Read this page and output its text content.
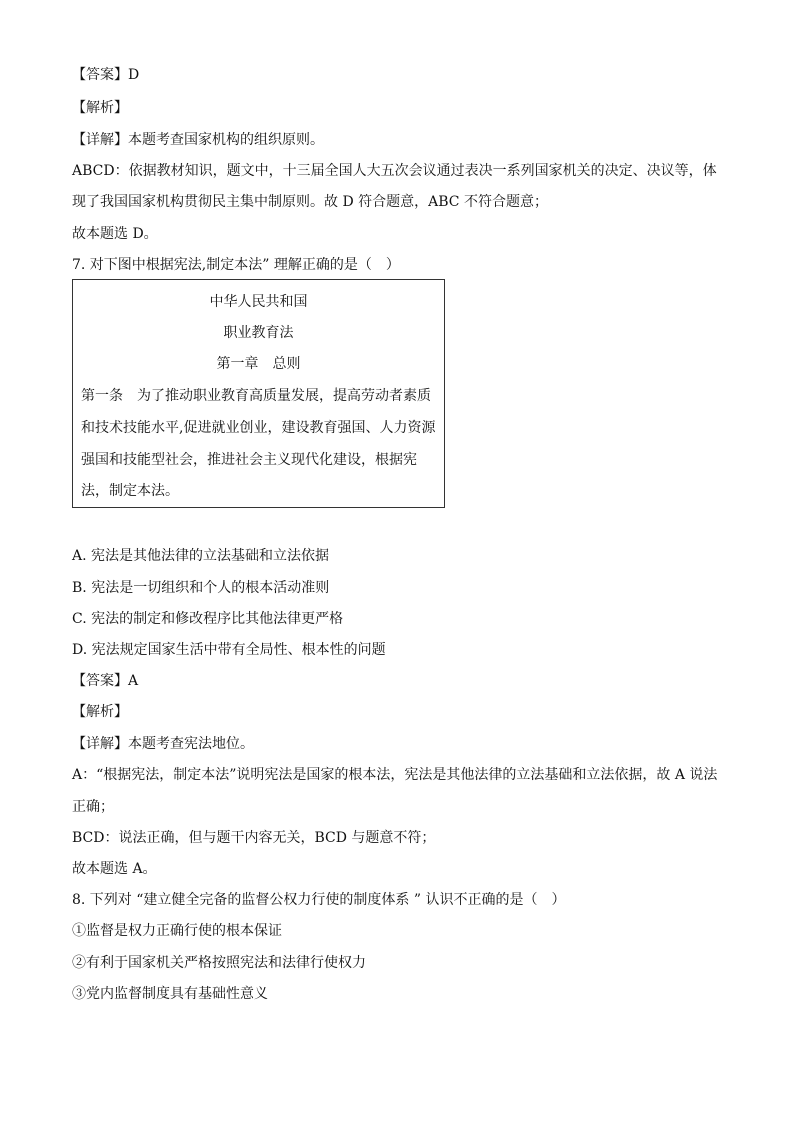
【答案】D
【解析】
【详解】本题考查国家机构的组织原则。
ABCD：依据教材知识，题文中，十三届全国人大五次会议通过表决一系列国家机关的决定、决议等，体
现了我国国家机构贯彻民主集中制原则。故 D 符合题意，ABC 不符合题意；
故本题选 D。
7. 对下图中根据宪法,制定本法” 理解正确的是（　）
中华人民共和国
职业教育法
第一章　总则
第一条　为了推动职业教育高质量发展，提高劳动者素质
和技术技能水平,促进就业创业，建设教育强国、人力资源
强国和技能型社会，推进社会主义现代化建设，根据宪
法，制定本法。
A. 宪法是其他法律的立法基础和立法依据
B. 宪法是一切组织和个人的根本活动准则
C. 宪法的制定和修改程序比其他法律更严格
D. 宪法规定国家生活中带有全局性、根本性的问题
【答案】A
【解析】
【详解】本题考查宪法地位。
A：“根据宪法，制定本法”说明宪法是国家的根本法，宪法是其他法律的立法基础和立法依据，故 A 说法
正确；
BCD：说法正确，但与题干内容无关，BCD 与题意不符；
故本题选 A。
8. 下列对 “建立健全完备的监督公权力行使的制度体系 ” 认识不正确的是（　）
①监督是权力正确行使的根本保证
②有利于国家机关严格按照宪法和法律行使权力
③党内监督制度具有基础性意义
